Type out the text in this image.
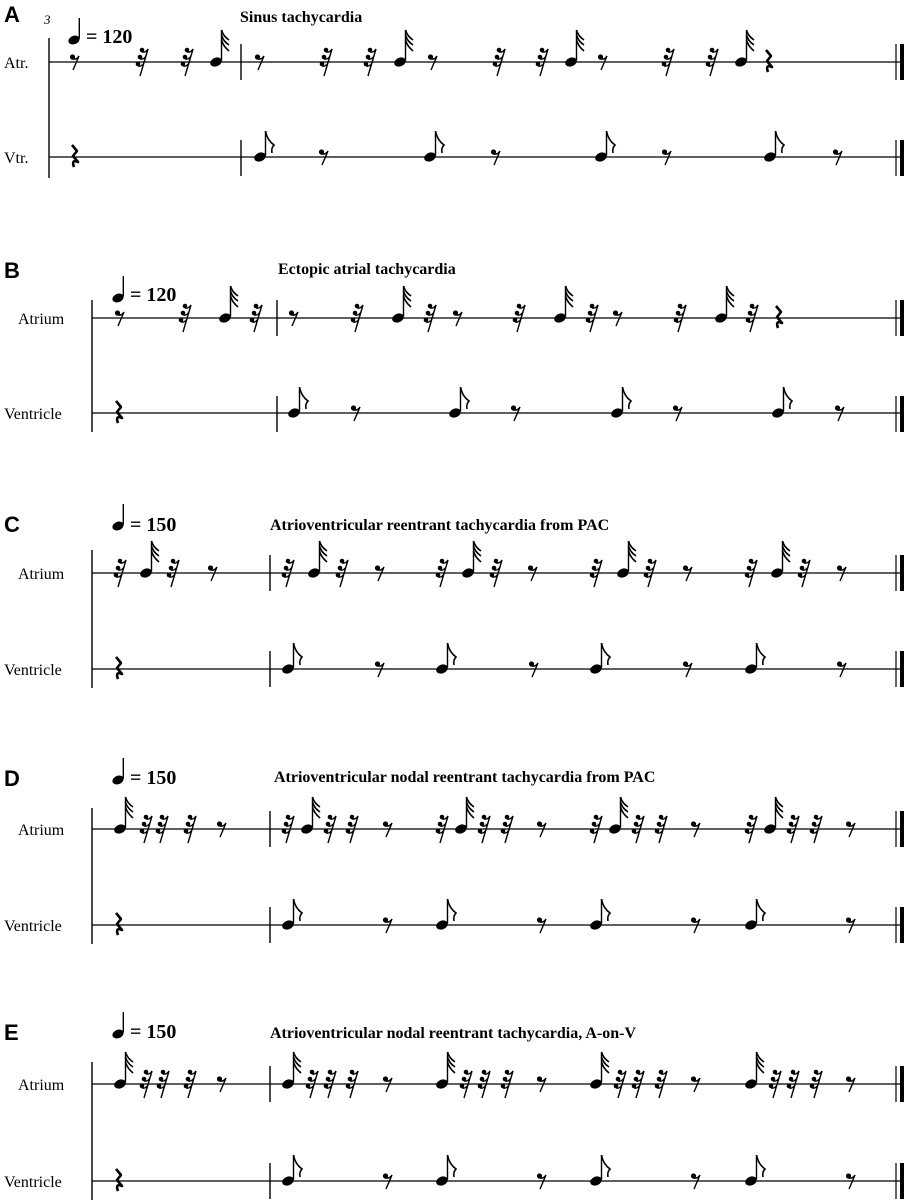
A 3
= 120
Sinus tachycardia
Atr.
Vtr.
B
= 120
Ectopic atrial tachycardia
Atrium
Ventricle
C	= 150	Atrioventricular reentrant tachycardia from PAC
Atrium
Ventricle
D	= 150	Atrioventricular nodal reentrant tachycardia from PAC
Atrium
Ventricle
E	= 150	Atrioventricular nodal reentrant tachycardia, A-on-V
Atrium
Ventricle
